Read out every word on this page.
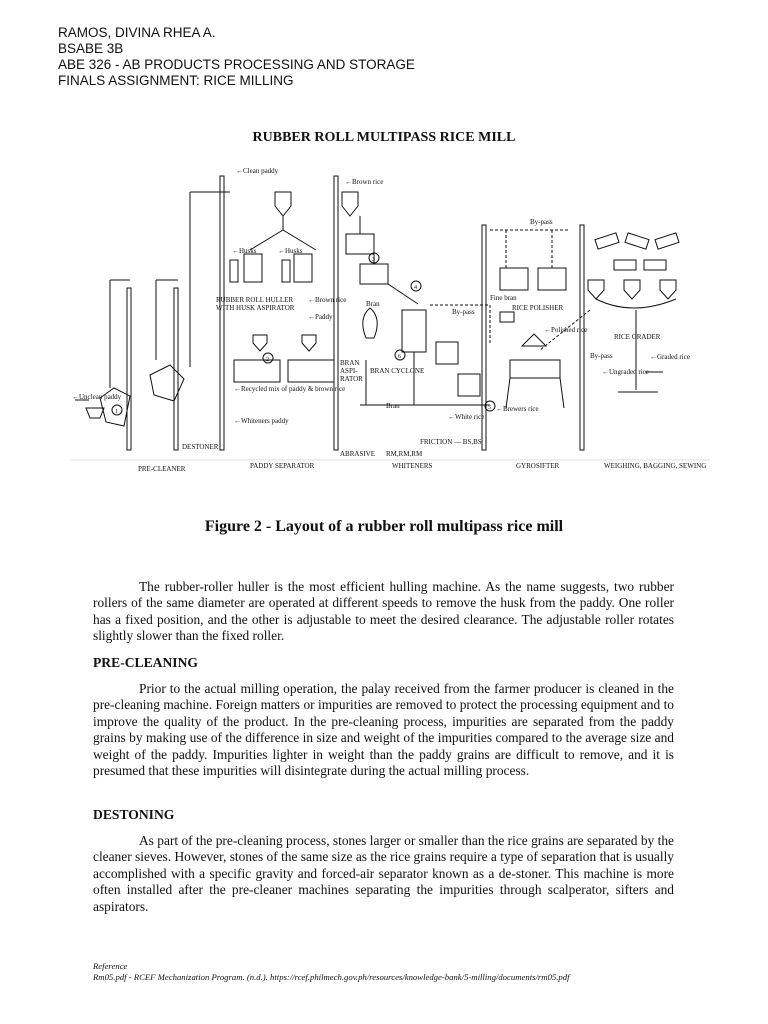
RAMOS, DIVINA RHEA A.
BSABE 3B
ABE 326 - AB PRODUCTS PROCESSING AND STORAGE
FINALS ASSIGNMENT: RICE MILLING
RUBBER ROLL MULTIPASS RICE MILL
←Clean paddy
←Brown rice
←Husks	←Husks
RUBBER ROLL HULLER
WITH HUSK ASPIRATOR
←Brown rice
←Paddy
By-pass
By-pass
By-pass
Bran
BRAN
ASPI-
RATOR
BRAN CYCLONE
Bran
Fine bran
RICE POLISHER
←Polished rice
RICE GRADER
←Graded rice
←Ungraded rice
←Unclean paddy
←Recycled mix of paddy & brown rice
←Whiteners paddy	←White rice
←Brewers rice
FRICTION — BS,BS
ABRASIVE RM,RM,RM
DESTONER
PRE-CLEANER	PADDY SEPARATOR	WHITENERS	GYROSIFTER	WEIGHING, BAGGING, SEWING
1
2
3
4
5
6
Figure 2 - Layout of a rubber roll multipass rice mill

The rubber-roller huller is the most efficient hulling machine. As the name suggests, two rubber rollers of the same diameter are operated at different speeds to remove the husk from the paddy. One roller has a fixed position, and the other is adjustable to meet the desired clearance. The adjustable roller rotates slightly slower than the fixed roller.

PRE-CLEANING

Prior to the actual milling operation, the palay received from the farmer producer is cleaned in the pre-cleaning machine. Foreign matters or impurities are removed to protect the processing equipment and to improve the quality of the product. In the pre-cleaning process, impurities are separated from the paddy grains by making use of the difference in size and weight of the impurities compared to the average size and weight of the paddy. Impurities lighter in weight than the paddy grains are difficult to remove, and it is presumed that these impurities will disintegrate during the actual milling process.

DESTONING

As part of the pre-cleaning process, stones larger or smaller than the rice grains are separated by the cleaner sieves. However, stones of the same size as the rice grains require a type of separation that is usually accomplished with a specific gravity and forced-air separator known as a de-stoner. This machine is more often installed after the pre-cleaner machines separating the impurities through scalperator, sifters and aspirators.

Reference
Rm05.pdf - RCEF Mechanization Program. (n.d.). https://rcef.philmech.gov.ph/resources/knowledge-bank/5-milling/documents/rm05.pdf
